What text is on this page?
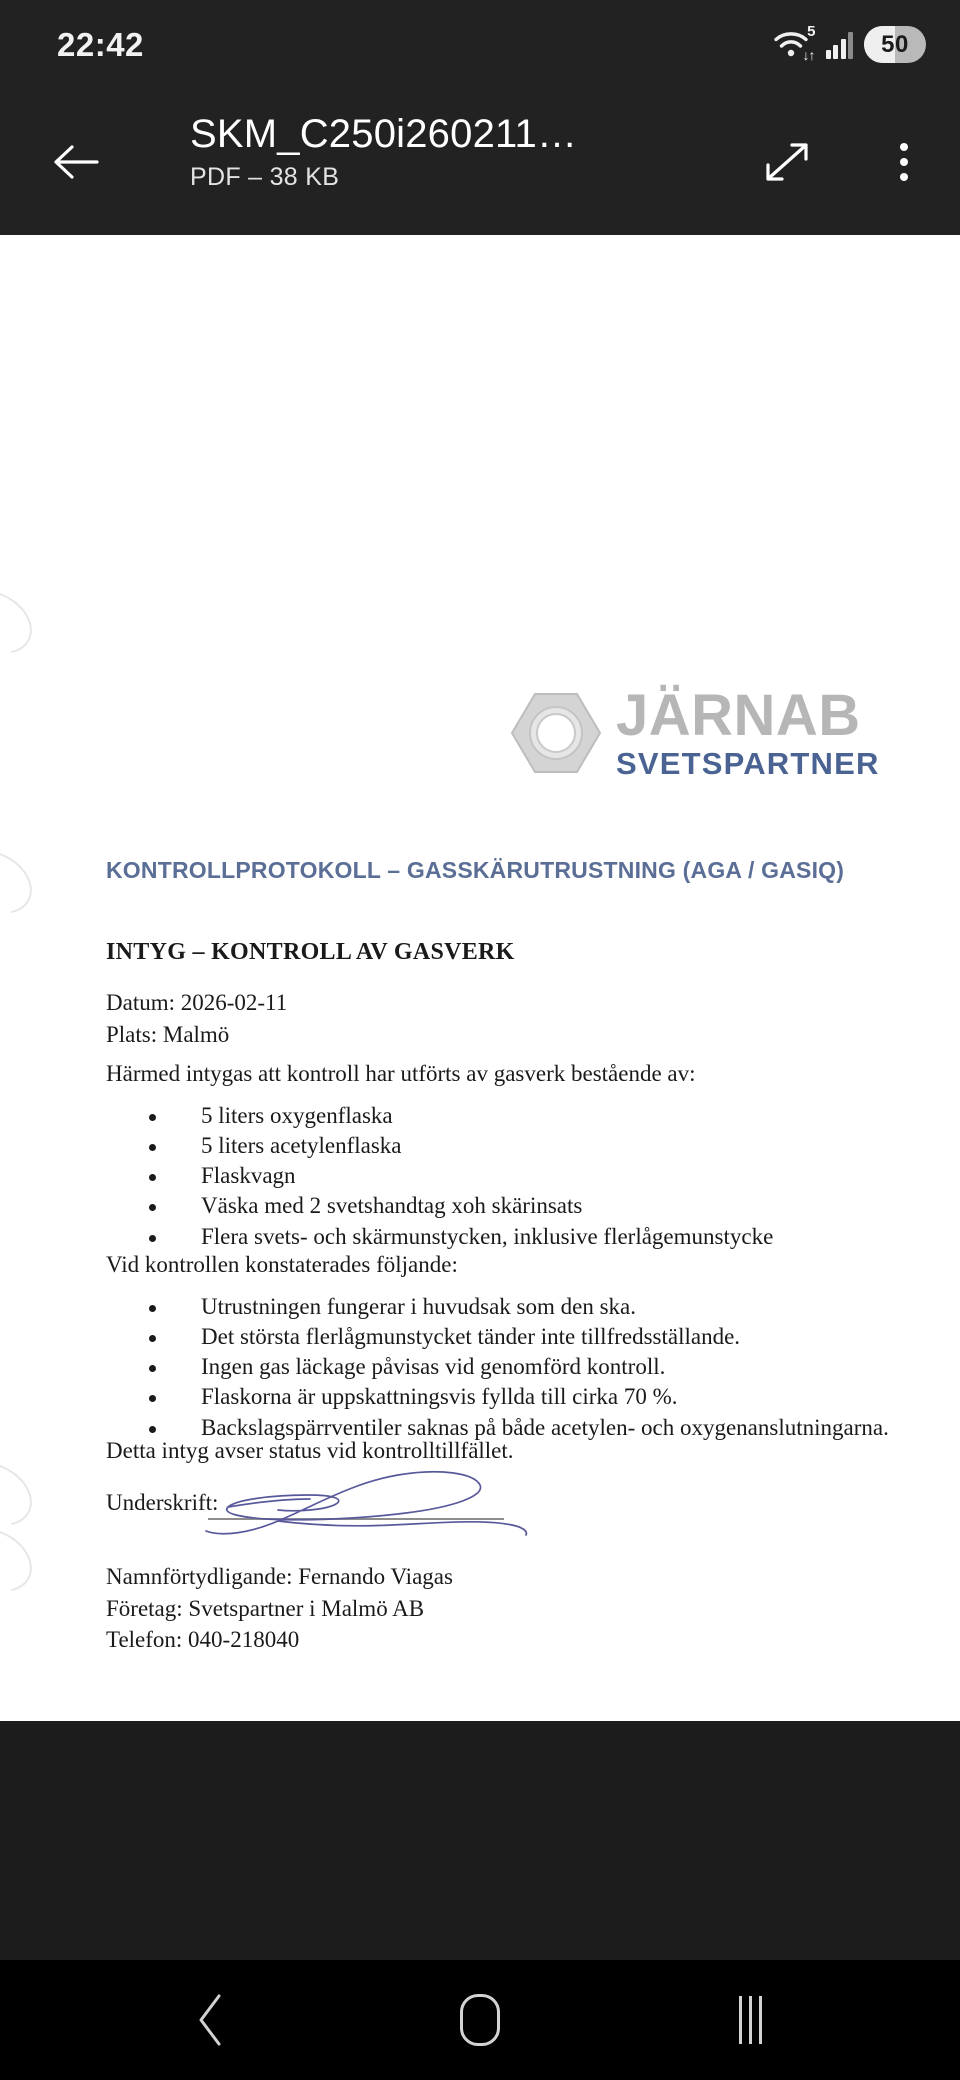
22:42	5
↓↑	50
SKM_C250i260211…
PDF – 38 KB
JÄRNAB
SVETSPARTNER
KONTROLLPROTOKOLL – GASSKÄRUTRUSTNING (AGA / GASIQ)
INTYG – KONTROLL AV GASVERK
Datum: 2026-02-11
Plats: Malmö
Härmed intygas att kontroll har utförts av gasverk bestående av:
5 liters oxygenflaska
5 liters acetylenflaska
Flaskvagn
Väska med 2 svetshandtag xoh skärinsats
Flera svets- och skärmunstycken, inklusive flerlågemunstycke
Vid kontrollen konstaterades följande:
Utrustningen fungerar i huvudsak som den ska.
Det största flerlågmunstycket tänder inte tillfredsställande.
Ingen gas läckage påvisas vid genomförd kontroll.
Flaskorna är uppskattningsvis fyllda till cirka 70 %.
Backslagspärrventiler saknas på både acetylen- och oxygenanslutningarna.
Detta intyg avser status vid kontrolltillfället.
Underskrift:
Namnförtydligande: Fernando Viagas
Företag: Svetspartner i Malmö AB
Telefon: 040-218040
